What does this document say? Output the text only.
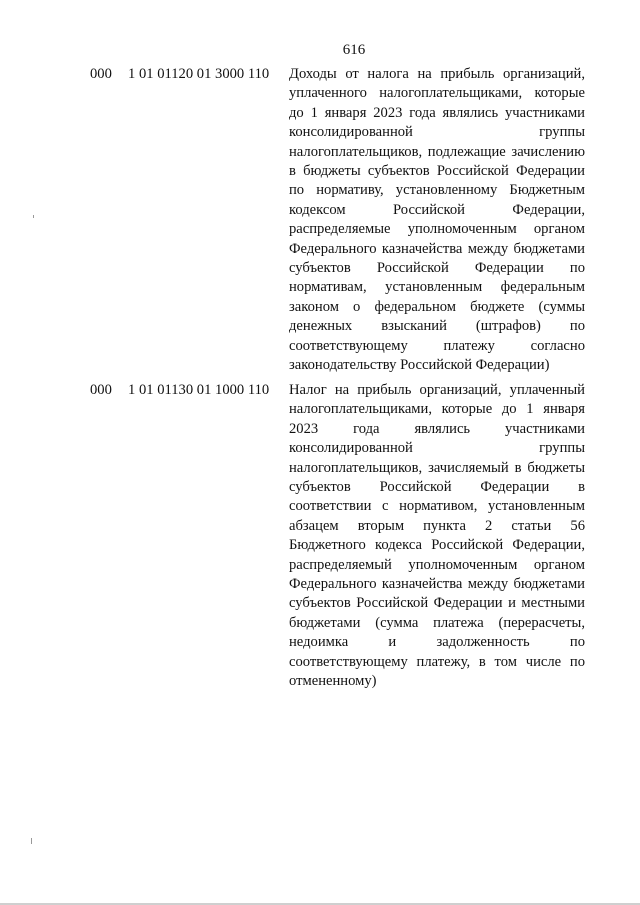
616
000	1 01 01120 01 3000 110	Доходы от налога на прибыль организаций, уплаченного налогоплательщиками, которые до 1 января 2023 года являлись участниками консолидированной группы налогоплательщиков, подлежащие зачислению в бюджеты субъектов Российской Федерации по нормативу, установленному Бюджетным кодексом Российской Федерации, распределяемые уполномоченным органом Федерального казначейства между бюджетами субъектов Российской Федерации по нормативам, установленным федеральным законом о федеральном бюджете (суммы денежных взысканий (штрафов) по соответствующему платежу согласно законодательству Российской Федерации)
000	1 01 01130 01 1000 110	Налог на прибыль организаций, уплаченный налогоплательщиками, которые до 1 января 2023 года являлись участниками консолидированной группы налогоплательщиков, зачисляемый в бюджеты субъектов Российской Федерации в соответствии с нормативом, установленным абзацем вторым пункта 2 статьи 56 Бюджетного кодекса Российской Федерации, распределяемый уполномоченным органом Федерального казначейства между бюджетами субъектов Российской Федерации и местными бюджетами (сумма платежа (перерасчеты, недоимка и задолженность по соответствующему платежу, в том числе по отмененному)
